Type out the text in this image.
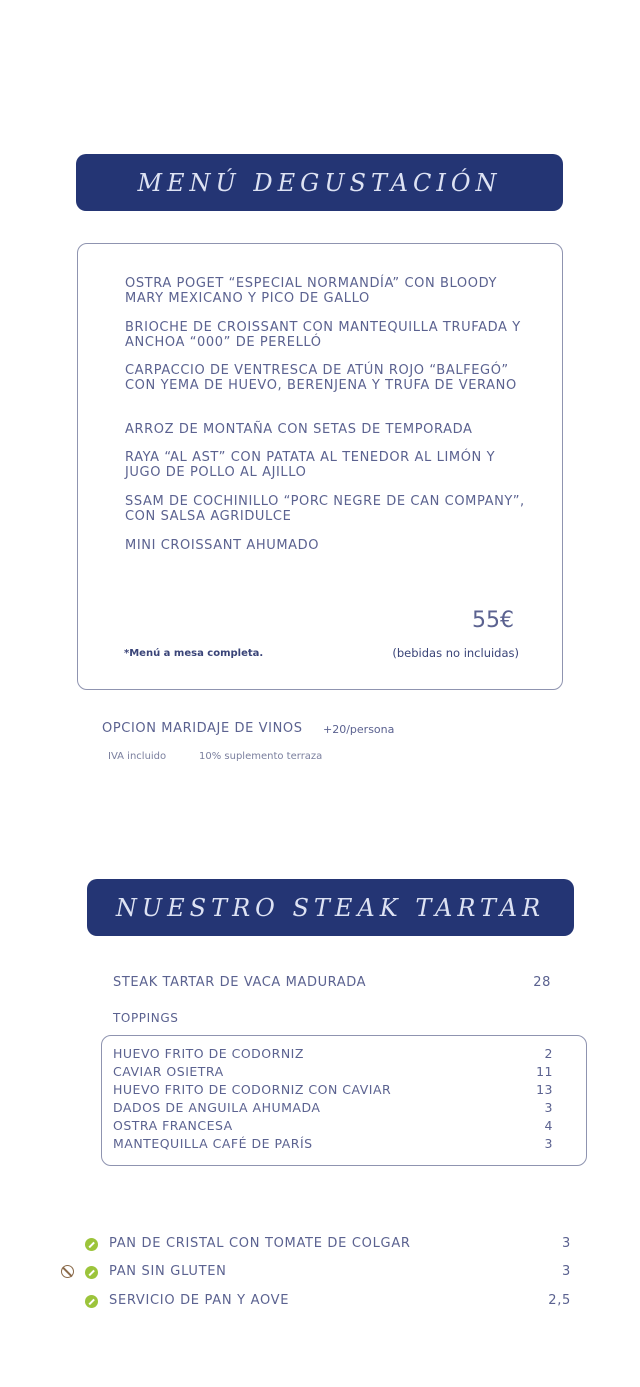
MENÚ DEGUSTACIÓN
OSTRA POGET “ESPECIAL NORMANDÍA” CON BLOODY MARY MEXICANO Y PICO DE GALLO
BRIOCHE DE CROISSANT CON MANTEQUILLA TRUFADA Y ANCHOA “000” DE PERELLÓ
CARPACCIO DE VENTRESCA DE ATÚN ROJO “BALFEGÓ” CON YEMA DE HUEVO, BERENJENA Y TRUFA DE VERANO
ARROZ DE MONTAÑA CON SETAS DE TEMPORADA
RAYA “AL AST” CON PATATA AL TENEDOR AL LIMÓN Y JUGO DE POLLO AL AJILLO
SSAM DE COCHINILLO “PORC NEGRE DE CAN COMPANY”, CON SALSA AGRIDULCE
MINI CROISSANT AHUMADO
55€
*Menú a mesa completa.	(bebidas no incluidas)
OPCION MARIDAJE DE VINOS +20/persona
IVA incluido	10% suplemento terraza
NUESTRO STEAK TARTAR
STEAK TARTAR DE VACA MADURADA	28
TOPPINGS
HUEVO FRITO DE CODORNIZ	2
CAVIAR OSIETRA	11
HUEVO FRITO DE CODORNIZ CON CAVIAR	13
DADOS DE ANGUILA AHUMADA	3
OSTRA FRANCESA	4
MANTEQUILLA CAFÉ DE PARÍS	3
PAN DE CRISTAL CON TOMATE DE COLGAR	3
PAN SIN GLUTEN	3
SERVICIO DE PAN Y AOVE	2,5
